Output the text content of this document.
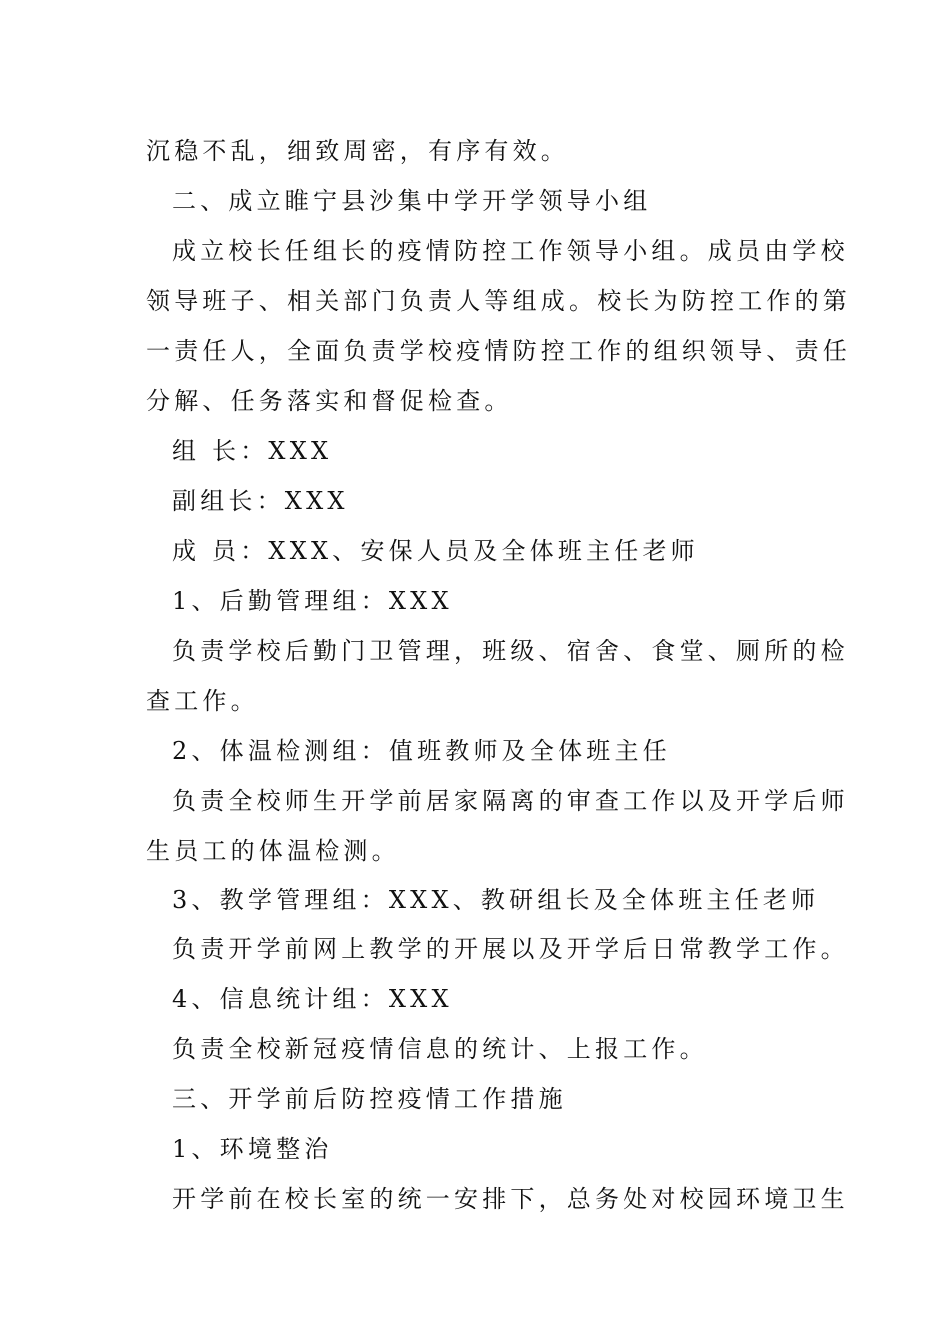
沉稳不乱，细致周密，有序有效。
二、成立睢宁县沙集中学开学领导小组
成立校长任组长的疫情防控工作领导小组。成员由学校
领导班子、相关部门负责人等组成。校长为防控工作的第
一责任人，全面负责学校疫情防控工作的组织领导、责任
分解、任务落实和督促检查。
组 长：XXX
副组长：XXX
成 员：XXX、安保人员及全体班主任老师
1、后勤管理组：XXX
负责学校后勤门卫管理，班级、宿舍、食堂、厕所的检
查工作。
2、体温检测组：值班教师及全体班主任
负责全校师生开学前居家隔离的审查工作以及开学后师
生员工的体温检测。
3、教学管理组：XXX、教研组长及全体班主任老师
负责开学前网上教学的开展以及开学后日常教学工作。
4、信息统计组：XXX
负责全校新冠疫情信息的统计、上报工作。
三、开学前后防控疫情工作措施
1、环境整治
开学前在校长室的统一安排下，总务处对校园环境卫生
